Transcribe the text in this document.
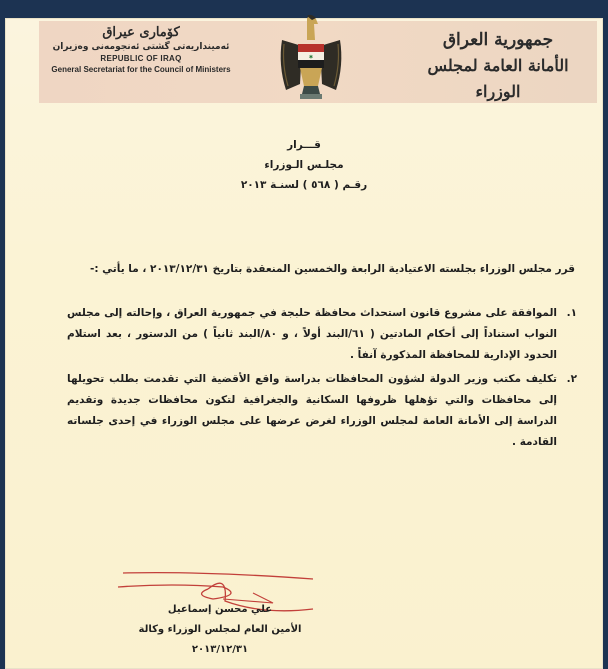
كۆماری عیراق
ئەمینداریەتی گشتی ئەنجومەنی وەزیران
REPUBLIC OF IRAQ
General Secretariat for the Council of Ministers
جمهورية العراق
الأمانة العامة لمجلس الوزراء
✱
قـــرار
مجلـس الـوزراء
رقـم ( ٥٦٨ ) لسنـة ٢٠١٣
قرر مجلس الوزراء بجلسته الاعتيادية الرابعة والخمسين المنعقدة بتاريخ ٢٠١٣/١٢/٣١ ، ما يأتي :-
١.
الموافقة على مشروع قانون استحداث محافظة حلبجة في جمهورية العراق ، وإحالته إلى مجلس النواب استناداً إلى أحكام المادتين ( ٦١/البند أولاً ، و ٨٠/البند ثانياً ) من الدستور ، بعد استلام الحدود الإدارية للمحافظة المذكورة آنفاً .
٢.
تكليف مكتب وزير الدولة لشؤون المحافظات بدراسة واقع الأقضية التي تقدمت بطلب تحويلها إلى محافظات والتي تؤهلها ظروفها السكانية والجغرافية لتكون محافظات جديدة وتقديم الدراسة إلى الأمانة العامة لمجلس الوزراء لغرض عرضها على مجلس الوزراء في إحدى جلساته القادمة .
علي محسن إسماعيل
الأمين العام لمجلس الوزراء وكالة
٢٠١٣/١٢/٣١
